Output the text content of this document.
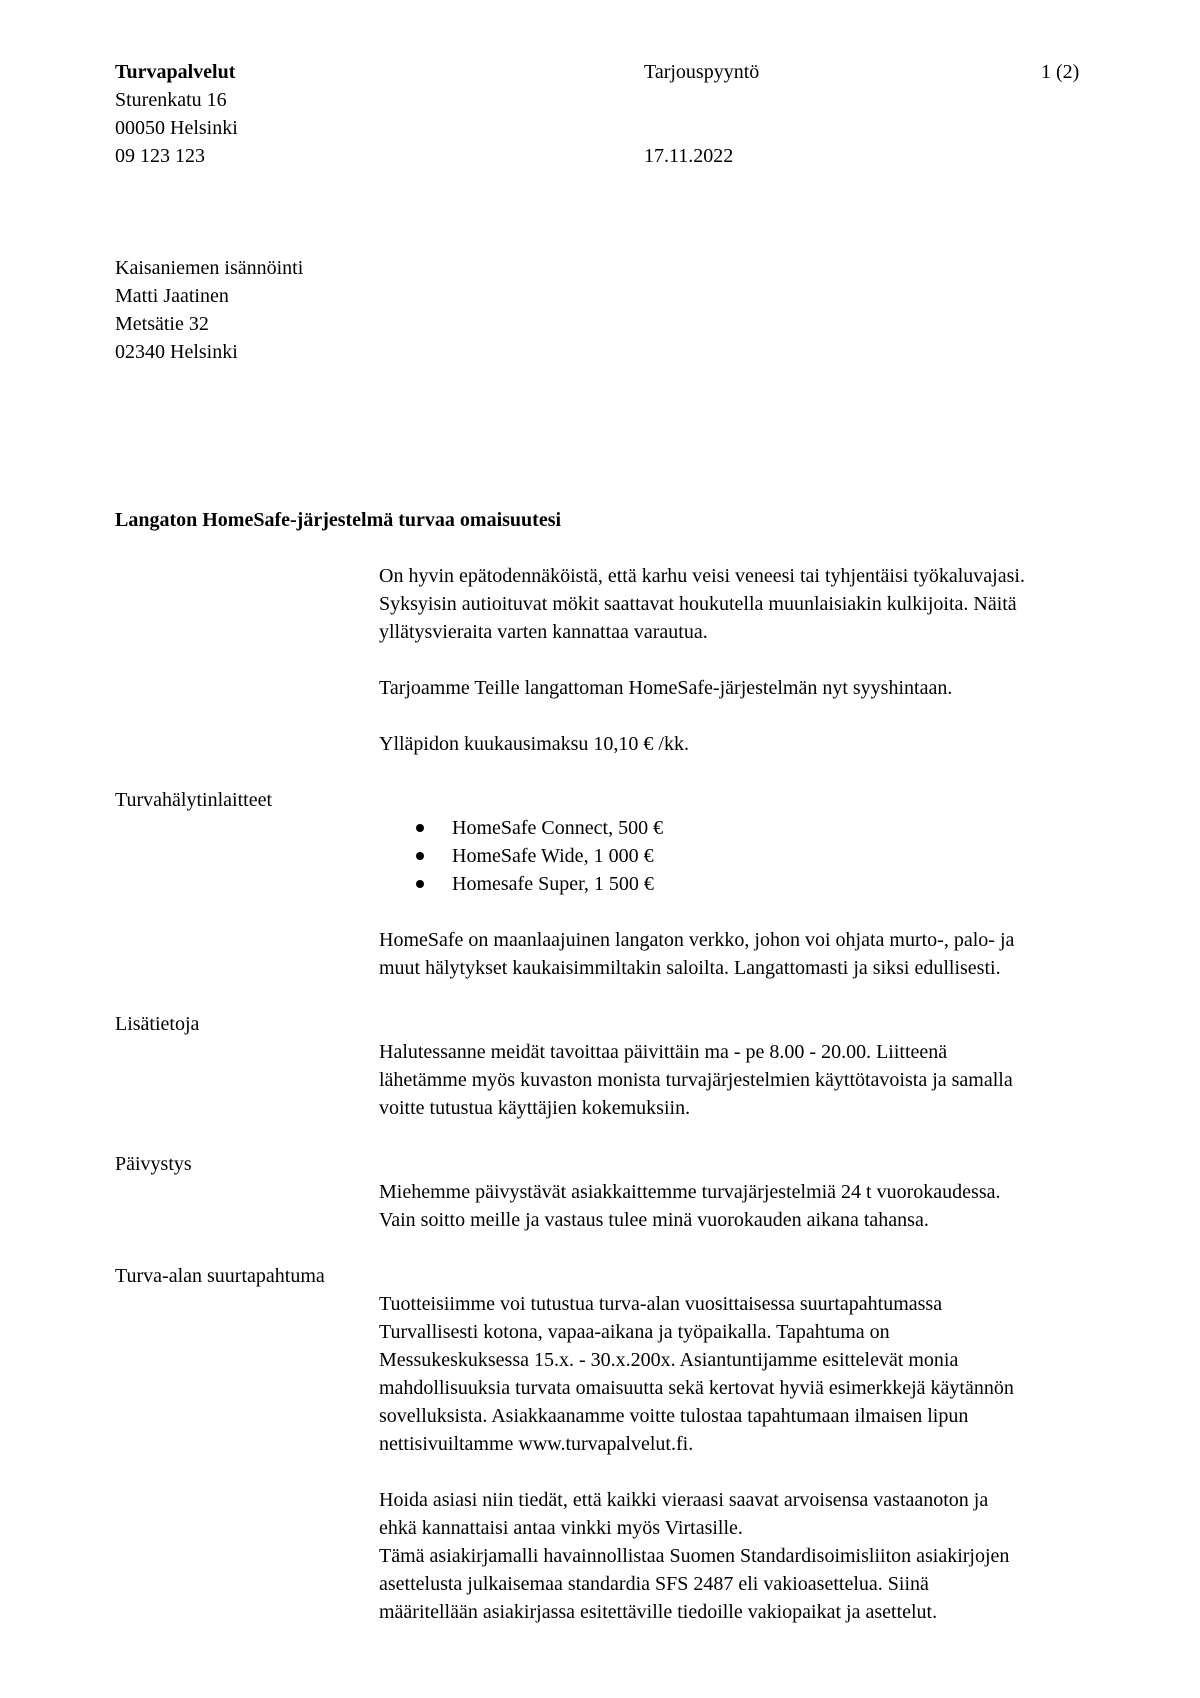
Turvapalvelut
Sturenkatu 16
00050 Helsinki
09 123 123
Tarjouspyyntö	1 (2)
17.11.2022
Kaisaniemen isännöinti
Matti Jaatinen
Metsätie 32
02340 Helsinki
Langaton HomeSafe-järjestelmä turvaa omaisuutesi
On hyvin epätodennäköistä, että karhu veisi veneesi tai tyhjentäisi työkaluvajasi.
Syksyisin autioituvat mökit saattavat houkutella muunlaisiakin kulkijoita. Näitä
yllätysvieraita varten kannattaa varautua.
Tarjoamme Teille langattoman HomeSafe-järjestelmän nyt syyshintaan.
Ylläpidon kuukausimaksu 10,10 € /kk.
Turvahälytinlaitteet
HomeSafe Connect, 500 €
HomeSafe Wide, 1 000 €
Homesafe Super, 1 500 €
HomeSafe on maanlaajuinen langaton verkko, johon voi ohjata murto-, palo- ja
muut hälytykset kaukaisimmiltakin saloilta. Langattomasti ja siksi edullisesti.
Lisätietoja
Halutessanne meidät tavoittaa päivittäin ma - pe 8.00 - 20.00. Liitteenä
lähetämme myös kuvaston monista turvajärjestelmien käyttötavoista ja samalla
voitte tutustua käyttäjien kokemuksiin.
Päivystys
Miehemme päivystävät asiakkaittemme turvajärjestelmiä 24 t vuorokaudessa.
Vain soitto meille ja vastaus tulee minä vuorokauden aikana tahansa.
Turva-alan suurtapahtuma
Tuotteisiimme voi tutustua turva-alan vuosittaisessa suurtapahtumassa
Turvallisesti kotona, vapaa-aikana ja työpaikalla. Tapahtuma on
Messukeskuksessa 15.x. - 30.x.200x. Asiantuntijamme esittelevät monia
mahdollisuuksia turvata omaisuutta sekä kertovat hyviä esimerkkejä käytännön
sovelluksista. Asiakkaanamme voitte tulostaa tapahtumaan ilmaisen lipun
nettisivuiltamme www.turvapalvelut.fi.
Hoida asiasi niin tiedät, että kaikki vieraasi saavat arvoisensa vastaanoton ja
ehkä kannattaisi antaa vinkki myös Virtasille.
Tämä asiakirjamalli havainnollistaa Suomen Standardisoimisliiton asiakirjojen
asettelusta julkaisemaa standardia SFS 2487 eli vakioasettelua. Siinä
määritellään asiakirjassa esitettäville tiedoille vakiopaikat ja asettelut.
